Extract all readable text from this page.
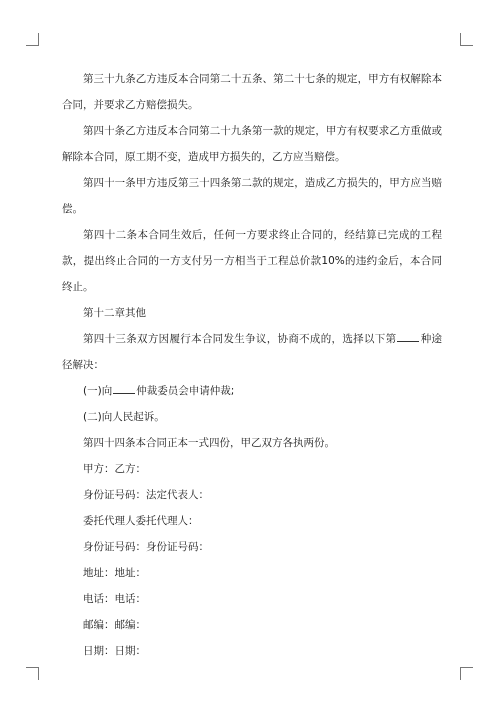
第三十九条乙方违反本合同第二十五条、第二十七条的规定，甲方有权解除本合同，并要求乙方赔偿损失。

第四十条乙方违反本合同第二十九条第一款的规定，甲方有权要求乙方重做或解除本合同，原工期不变，造成甲方损失的，乙方应当赔偿。

第四十一条甲方违反第三十四条第二款的规定，造成乙方损失的，甲方应当赔偿。

第四十二条本合同生效后，任何一方要求终止合同的，经结算已完成的工程款，提出终止合同的一方支付另一方相当于工程总价款10%的违约金后，本合同终止。

第十二章其他

第四十三条双方因履行本合同发生争议，协商不成的，选择以下第 种途径解决：

(一)向 仲裁委员会申请仲裁;

(二)向人民起诉。

第四十四条本合同正本一式四份，甲乙双方各执两份。

甲方：乙方：

身份证号码：法定代表人：

委托代理人委托代理人：

身份证号码：身份证号码：

地址：地址：

电话：电话：

邮编：邮编：

日期：日期：
